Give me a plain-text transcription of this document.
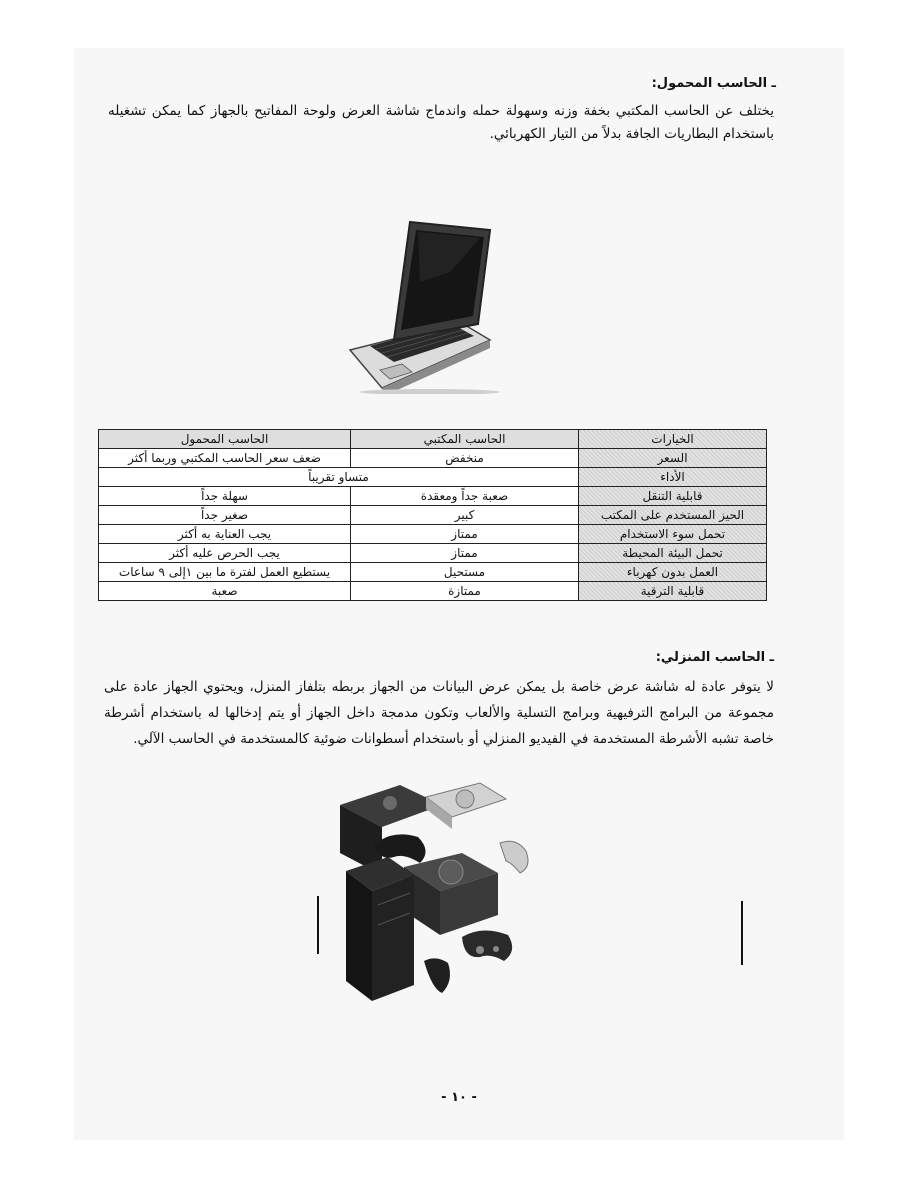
ـ الحاسب المحمول:
يختلف عن الحاسب المكتبي بخفة وزنه وسهولة حمله واندماج شاشة العرض ولوحة المفاتيح بالجهاز كما يمكن تشغيله باستخدام البطاريات الجافة بدلاً من التيار الكهربائي.
الخيارات	الحاسب المكتبي	الحاسب المحمول
السعر	منخفض	ضعف سعر الحاسب المكتبي وربما أكثر
الأداء	متساو تقريباً	
قابلية التنقل	صعبة جداً ومعقدة	سهلة جداً
الحيز المستخدم على المكتب	كبير	صغير جداً
تحمل سوء الاستخدام	ممتاز	يجب العناية به أكثر
تحمل البيئة المحيطة	ممتاز	يجب الحرص عليه أكثر
العمل بدون كهرباء	مستحيل	يستطيع العمل لفترة ما بين ١إلى ٩ ساعات
قابلية الترقية	ممتازة	صعبة
ـ الحاسب المنزلي:
لا يتوفر عادة له شاشة عرض خاصة بل يمكن عرض البيانات من الجهاز بربطه بتلفاز المنزل، ويحتوي الجهاز عادة على مجموعة من البرامج الترفيهية وبرامج التسلية والألعاب وتكون مدمجة داخل الجهاز أو يتم إدخالها له باستخدام أشرطة خاصة تشبه الأشرطة المستخدمة في الفيديو المنزلي أو باستخدام أسطوانات ضوئية كالمستخدمة في الحاسب الآلي.
- ١٠ -
